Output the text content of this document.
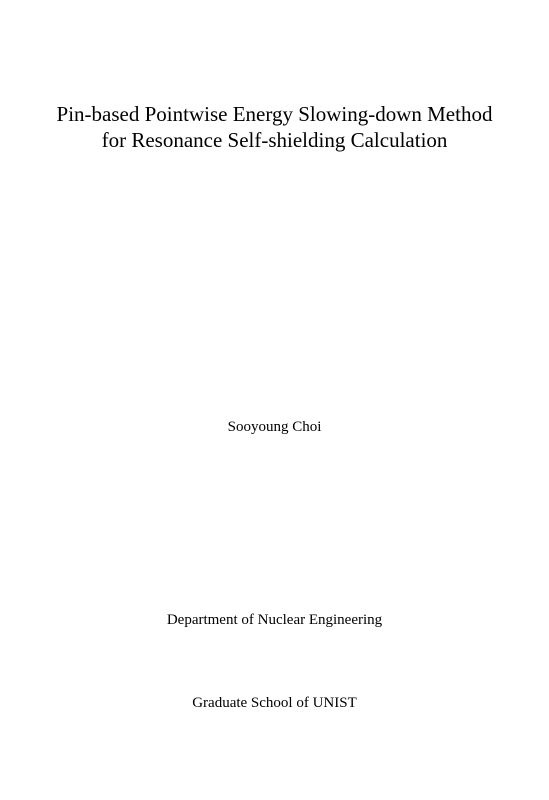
Pin-based Pointwise Energy Slowing-down Method
for Resonance Self-shielding Calculation
Sooyoung Choi
Department of Nuclear Engineering
Graduate School of UNIST
